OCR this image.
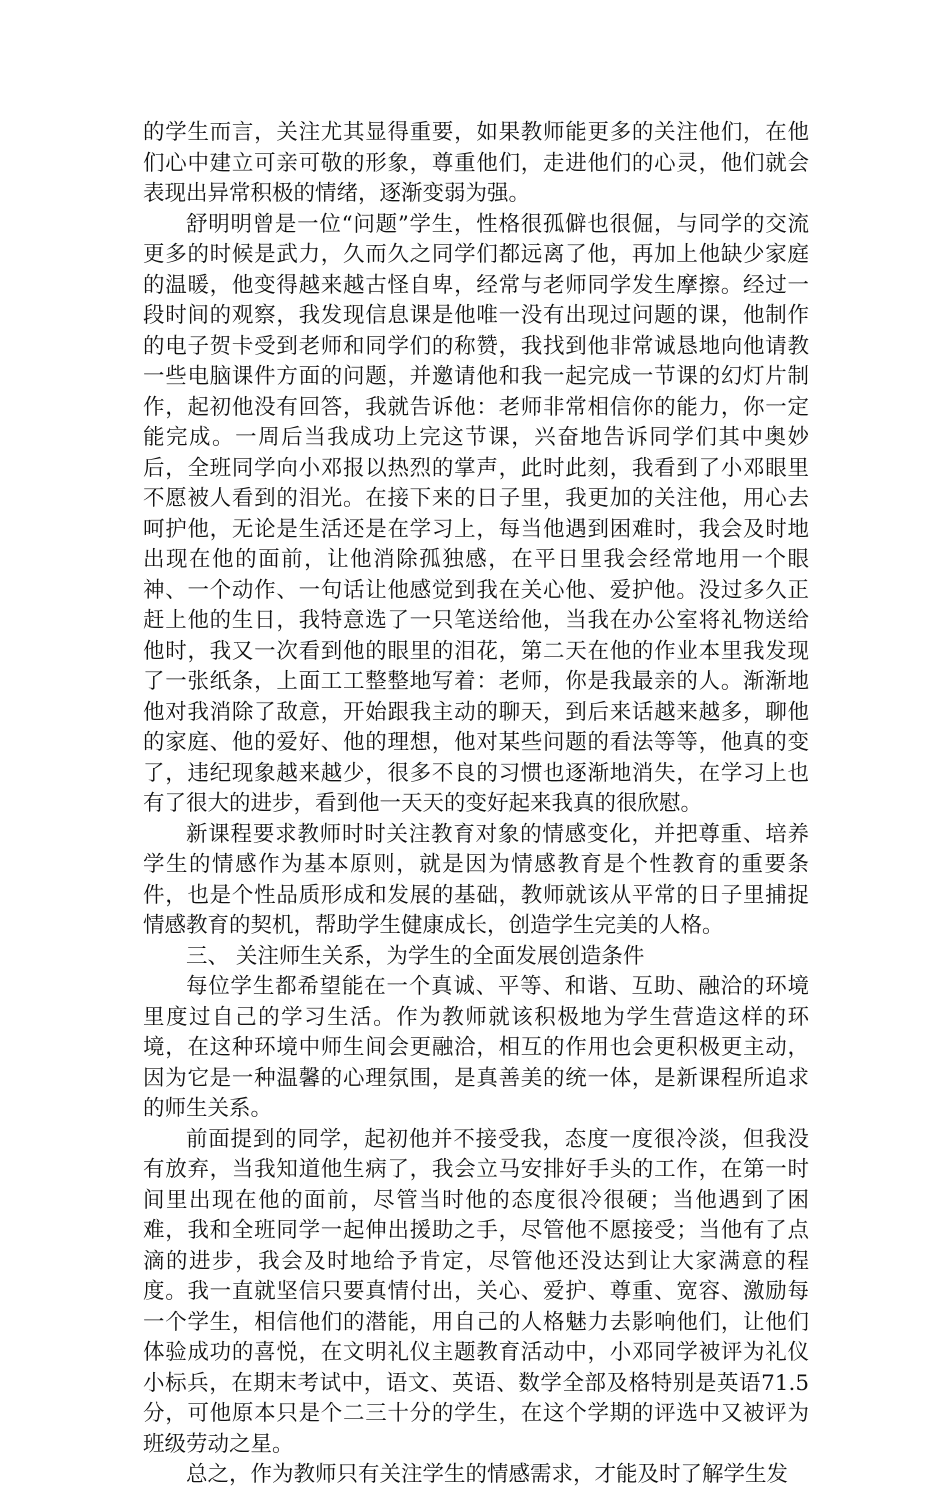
的学生而言，关注尤其显得重要，如果教师能更多的关注他们，在他们心中建立可亲可敬的形象，尊重他们，走进他们的心灵，他们就会表现出异常积极的情绪，逐渐变弱为强。

舒明明曾是一位“问题”学生，性格很孤僻也很倔，与同学的交流更多的时候是武力，久而久之同学们都远离了他，再加上他缺少家庭的温暖，他变得越来越古怪自卑，经常与老师同学发生摩擦。经过一段时间的观察，我发现信息课是他唯一没有出现过问题的课，他制作的电子贺卡受到老师和同学们的称赞，我找到他非常诚恳地向他请教一些电脑课件方面的问题，并邀请他和我一起完成一节课的幻灯片制作，起初他没有回答，我就告诉他：老师非常相信你的能力，你一定能完成。一周后当我成功上完这节课，兴奋地告诉同学们其中奥妙后，全班同学向小邓报以热烈的掌声，此时此刻，我看到了小邓眼里不愿被人看到的泪光。在接下来的日子里，我更加的关注他，用心去呵护他，无论是生活还是在学习上，每当他遇到困难时，我会及时地出现在他的面前，让他消除孤独感，在平日里我会经常地用一个眼神、一个动作、一句话让他感觉到我在关心他、爱护他。没过多久正赶上他的生日，我特意选了一只笔送给他，当我在办公室将礼物送给他时，我又一次看到他的眼里的泪花，第二天在他的作业本里我发现了一张纸条，上面工工整整地写着：老师，你是我最亲的人。渐渐地他对我消除了敌意，开始跟我主动的聊天，到后来话越来越多，聊他的家庭、他的爱好、他的理想，他对某些问题的看法等等，他真的变了，违纪现象越来越少，很多不良的习惯也逐渐地消失，在学习上也有了很大的进步，看到他一天天的变好起来我真的很欣慰。

新课程要求教师时时关注教育对象的情感变化，并把尊重、培养学生的情感作为基本原则，就是因为情感教育是个性教育的重要条件，也是个性品质形成和发展的基础，教师就该从平常的日子里捕捉情感教育的契机，帮助学生健康成长，创造学生完美的人格。

三、 关注师生关系，为学生的全面发展创造条件

每位学生都希望能在一个真诚、平等、和谐、互助、融洽的环境里度过自己的学习生活。作为教师就该积极地为学生营造这样的环境，在这种环境中师生间会更融洽，相互的作用也会更积极更主动，因为它是一种温馨的心理氛围，是真善美的统一体，是新课程所追求的师生关系。

前面提到的同学，起初他并不接受我，态度一度很冷淡，但我没有放弃，当我知道他生病了，我会立马安排好手头的工作，在第一时间里出现在他的面前，尽管当时他的态度很冷很硬；当他遇到了困难，我和全班同学一起伸出援助之手，尽管他不愿接受；当他有了点滴的进步，我会及时地给予肯定，尽管他还没达到让大家满意的程度。我一直就坚信只要真情付出，关心、爱护、尊重、宽容、激励每一个学生，相信他们的潜能，用自己的人格魅力去影响他们，让他们体验成功的喜悦，在文明礼仪主题教育活动中，小邓同学被评为礼仪小标兵，在期末考试中，语文、英语、数学全部及格特别是英语71.5分，可他原本只是个二三十分的学生，在这个学期的评选中又被评为班级劳动之星。

总之，作为教师只有关注学生的情感需求，才能及时了解学生发
